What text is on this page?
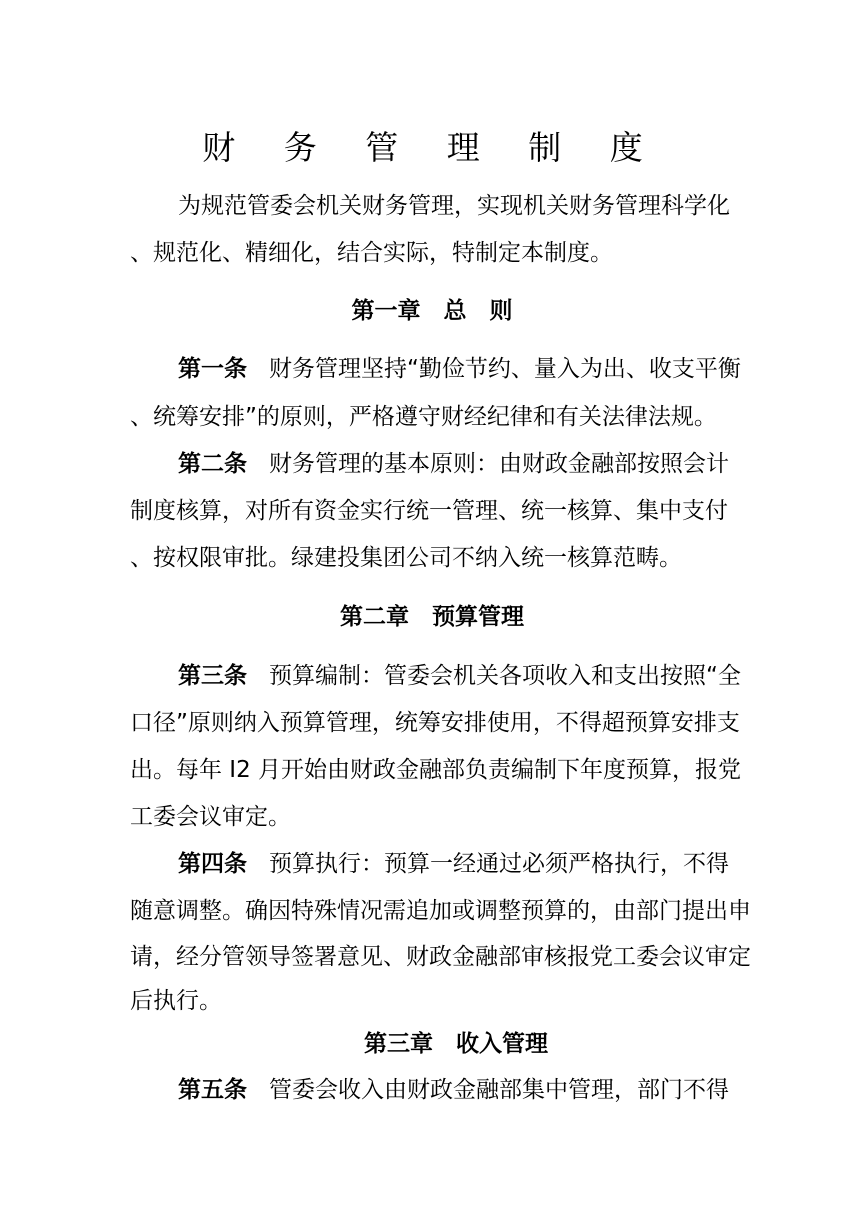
财 务 管 理 制 度
为规范管委会机关财务管理，实现机关财务管理科学化
、规范化、精细化，结合实际，特制定本制度。
第一章　总　则
第一条 财务管理坚持“勤俭节约、量入为出、收支平衡
、统筹安排”的原则，严格遵守财经纪律和有关法律法规。
第二条 财务管理的基本原则：由财政金融部按照会计
制度核算，对所有资金实行统一管理、统一核算、集中支付
、按权限审批。绿建投集团公司不纳入统一核算范畴。
第二章　预算管理
第三条 预算编制：管委会机关各项收入和支出按照“全
口径”原则纳入预算管理，统筹安排使用，不得超预算安排支
出。每年 I2 月开始由财政金融部负责编制下年度预算，报党
工委会议审定。
第四条 预算执行：预算一经通过必须严格执行，不得
随意调整。确因特殊情况需追加或调整预算的，由部门提出申
请，经分管领导签署意见、财政金融部审核报党工委会议审定
后执行。
第三章　收入管理
第五条 管委会收入由财政金融部集中管理，部门不得
